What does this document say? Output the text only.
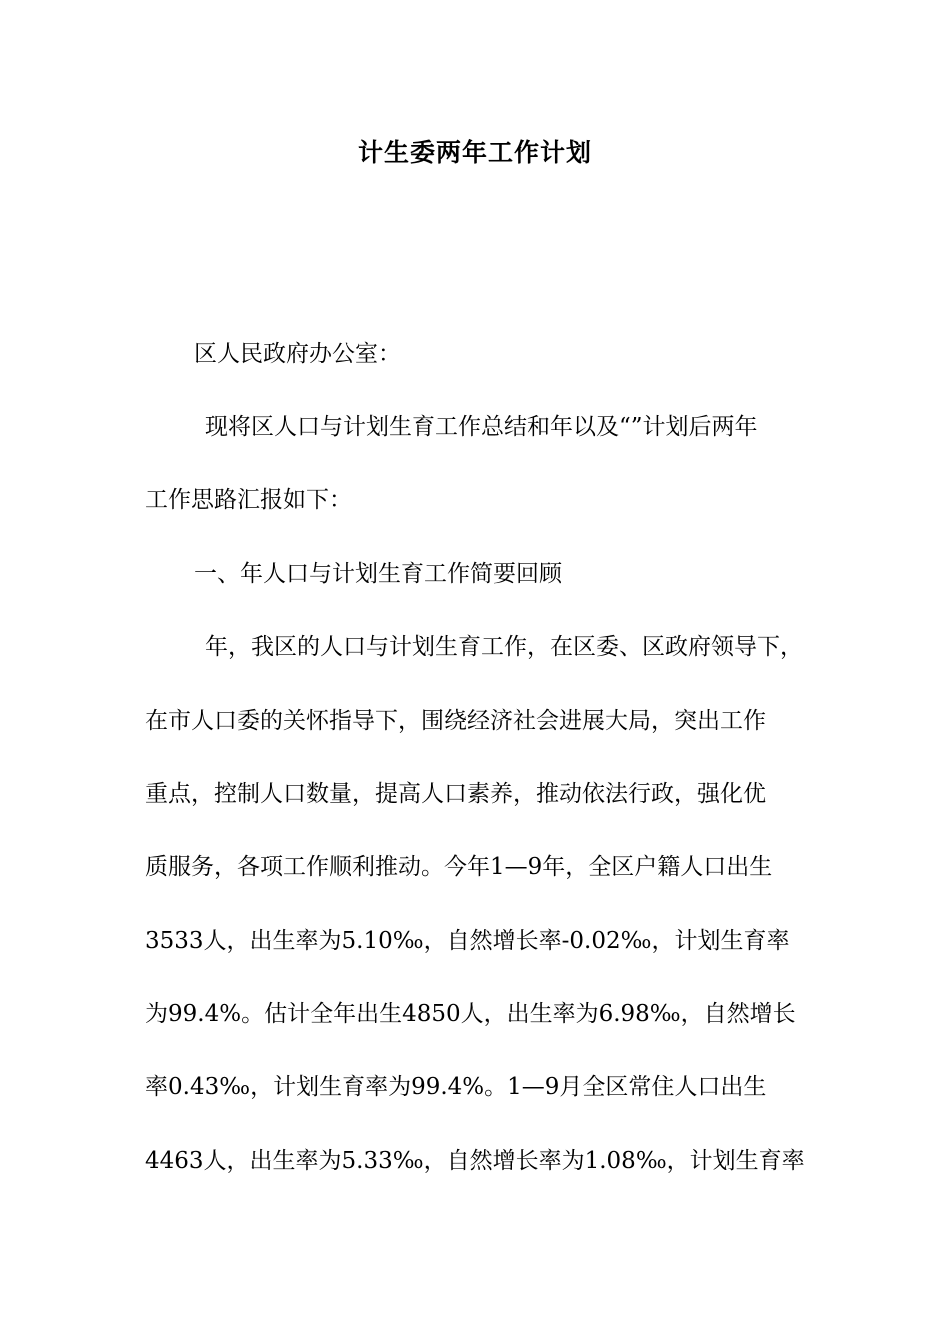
计生委两年工作计划
区人民政府办公室：
现将区人口与计划生育工作总结和年以及“”计划后两年
工作思路汇报如下：
一、年人口与计划生育工作简要回顾
年，我区的人口与计划生育工作，在区委、区政府领导下，
在市人口委的关怀指导下，围绕经济社会进展大局，突出工作
重点，控制人口数量，提高人口素养，推动依法行政，强化优
质服务，各项工作顺利推动。今年1—9年，全区户籍人口出生
3533人，出生率为5.10‰，自然增长率-0.02‰，计划生育率
为99.4%。估计全年出生4850人，出生率为6.98‰，自然增长
率0.43‰，计划生育率为99.4%。1—9月全区常住人口出生
4463人，出生率为5.33‰，自然增长率为1.08‰，计划生育率
